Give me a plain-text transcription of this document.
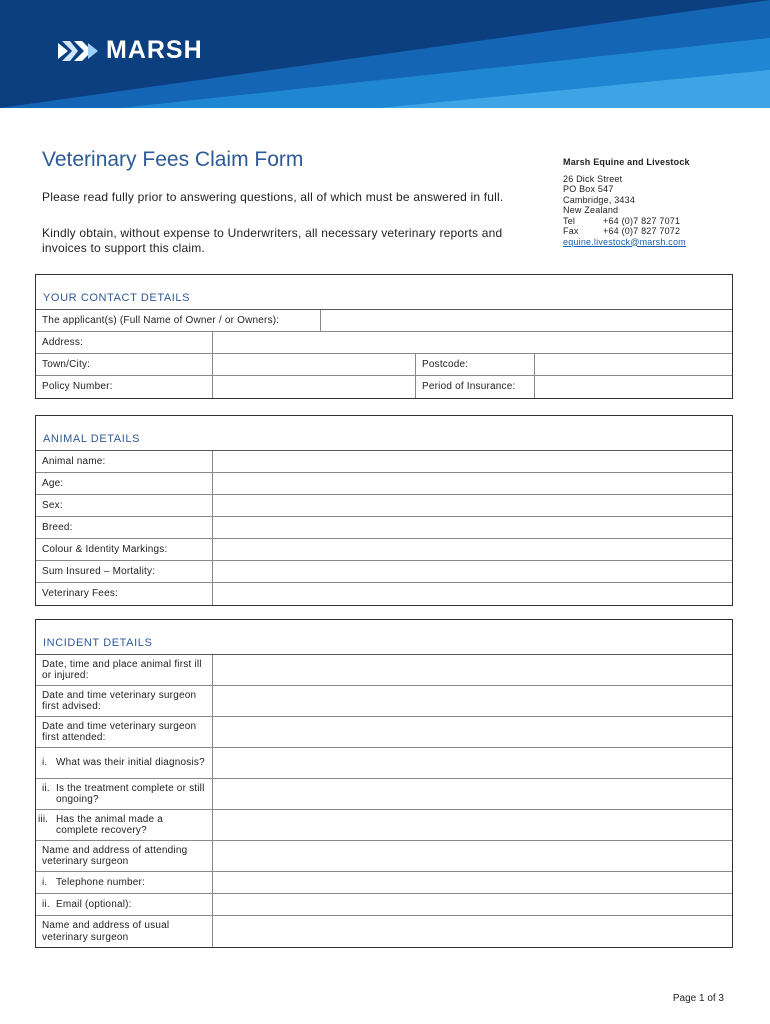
MARSH
Veterinary Fees Claim Form
Please read fully prior to answering questions, all of which must be answered in full.
Kindly obtain, without expense to Underwriters, all necessary veterinary reports and invoices to support this claim.
Marsh Equine and Livestock
26 Dick Street
PO Box 547
Cambridge, 3434
New Zealand
Tel	+64 (0)7 827 7071
Fax	+64 (0)7 827 7072
equine.livestock@marsh.com
YOUR CONTACT DETAILS
The applicant(s) (Full Name of Owner / or Owners):
Address:
Town/City:	Postcode:
Policy Number:	Period of Insurance:
ANIMAL DETAILS
Animal name:
Age:
Sex:
Breed:
Colour & Identity Markings:
Sum Insured – Mortality:
Veterinary Fees:
INCIDENT DETAILS
Date, time and place animal first ill or injured:
Date and time veterinary surgeon first advised:
Date and time veterinary surgeon first attended:
i. What was their initial diagnosis?
ii. Is the treatment complete or still ongoing?
iii. Has the animal made a complete recovery?
Name and address of attending veterinary surgeon
i. Telephone number:
ii. Email (optional):
Name and address of usual veterinary surgeon
Page 1 of 3
